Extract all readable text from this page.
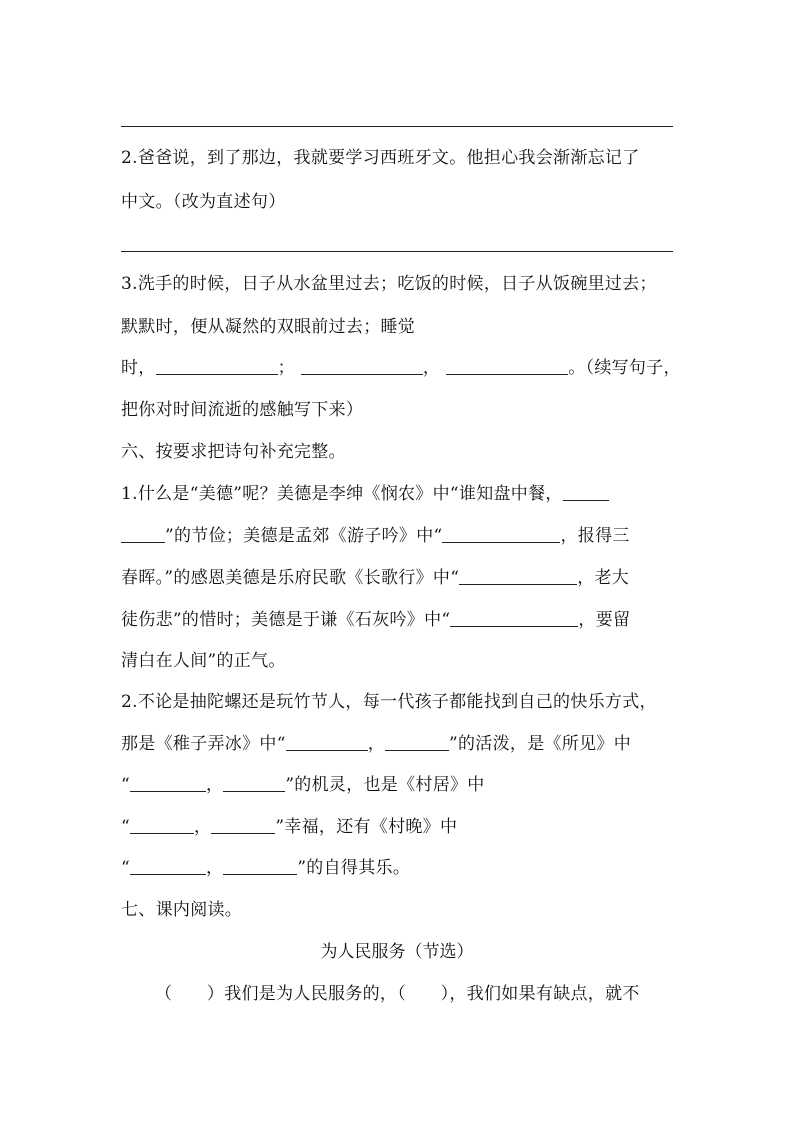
2.爸爸说，到了那边，我就要学习西班牙文。他担心我会渐渐忘记了
中文。（改为直述句）
3.洗手的时候，日子从水盆里过去；吃饭的时候，日子从饭碗里过去；
默默时，便从凝然的双眼前过去；睡觉
时，	；	，	。（续写句子，
把你对时间流逝的感触写下来）
六、按要求把诗句补充完整。
1.什么是“美德”呢？美德是李绅《悯农》中“谁知盘中餐，
”的节俭；美德是孟郊《游子吟》中“	，报得三
春晖。”的感恩美德是乐府民歌《长歌行》中“	，老大
徒伤悲”的惜时；美德是于谦《石灰吟》中“	，要留
清白在人间”的正气。
2.不论是抽陀螺还是玩竹节人，每一代孩子都能找到自己的快乐方式，
那是《稚子弄冰》中“	，	”的活泼，是《所见》中
“	，	”的机灵，也是《村居》中
“	，	”幸福，还有《村晚》中
“	，	”的自得其乐。
七、课内阅读。
为人民服务（节选）
（　　）我们是为人民服务的，（　　），我们如果有缺点，就不
